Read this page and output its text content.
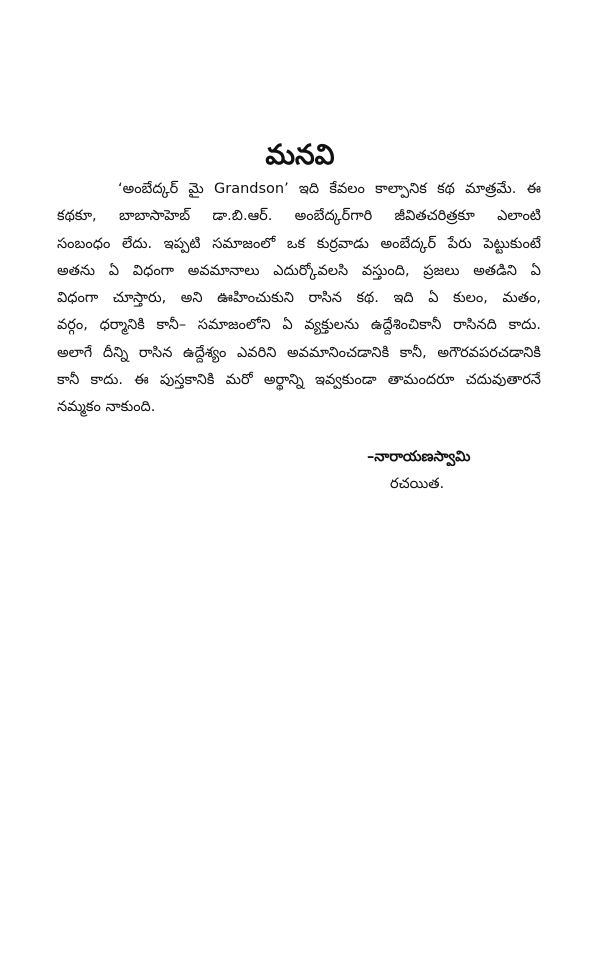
మనవి
‘అంబేద్కర్ మై Grandson’ ఇది కేవలం కాల్పానిక కథ మాత్రమే. ఈ
కథకూ, బాబాసాహెబ్ డా.బి.ఆర్. అంబేద్కర్‌గారి జీవితచరిత్రకూ ఎలాంటి
సంబంధం లేదు. ఇప్పటి సమాజంలో ఒక కుర్రవాడు అంబేద్కర్ పేరు పెట్టుకుంటే
అతను ఏ విధంగా అవమానాలు ఎదుర్కోవలసి వస్తుంది, ప్రజలు అతడిని ఏ
విధంగా చూస్తారు, అని ఊహించుకుని రాసిన కథ. ఇది ఏ కులం, మతం,
వర్గం, ధర్మానికి కానీ– సమాజంలోని ఏ వ్యక్తులను ఉద్దేశించికానీ రాసినది కాదు.
అలాగే దీన్ని రాసిన ఉద్దేశ్యం ఎవరిని అవమానించడానికి కానీ, అగౌరవపరచడానికి
కానీ కాదు. ఈ పుస్తకానికి మరో అర్థాన్ని ఇవ్వకుండా తామందరూ చదువుతారనే
నమ్మకం నాకుంది.
–నారాయణస్వామి
రచయిత.
